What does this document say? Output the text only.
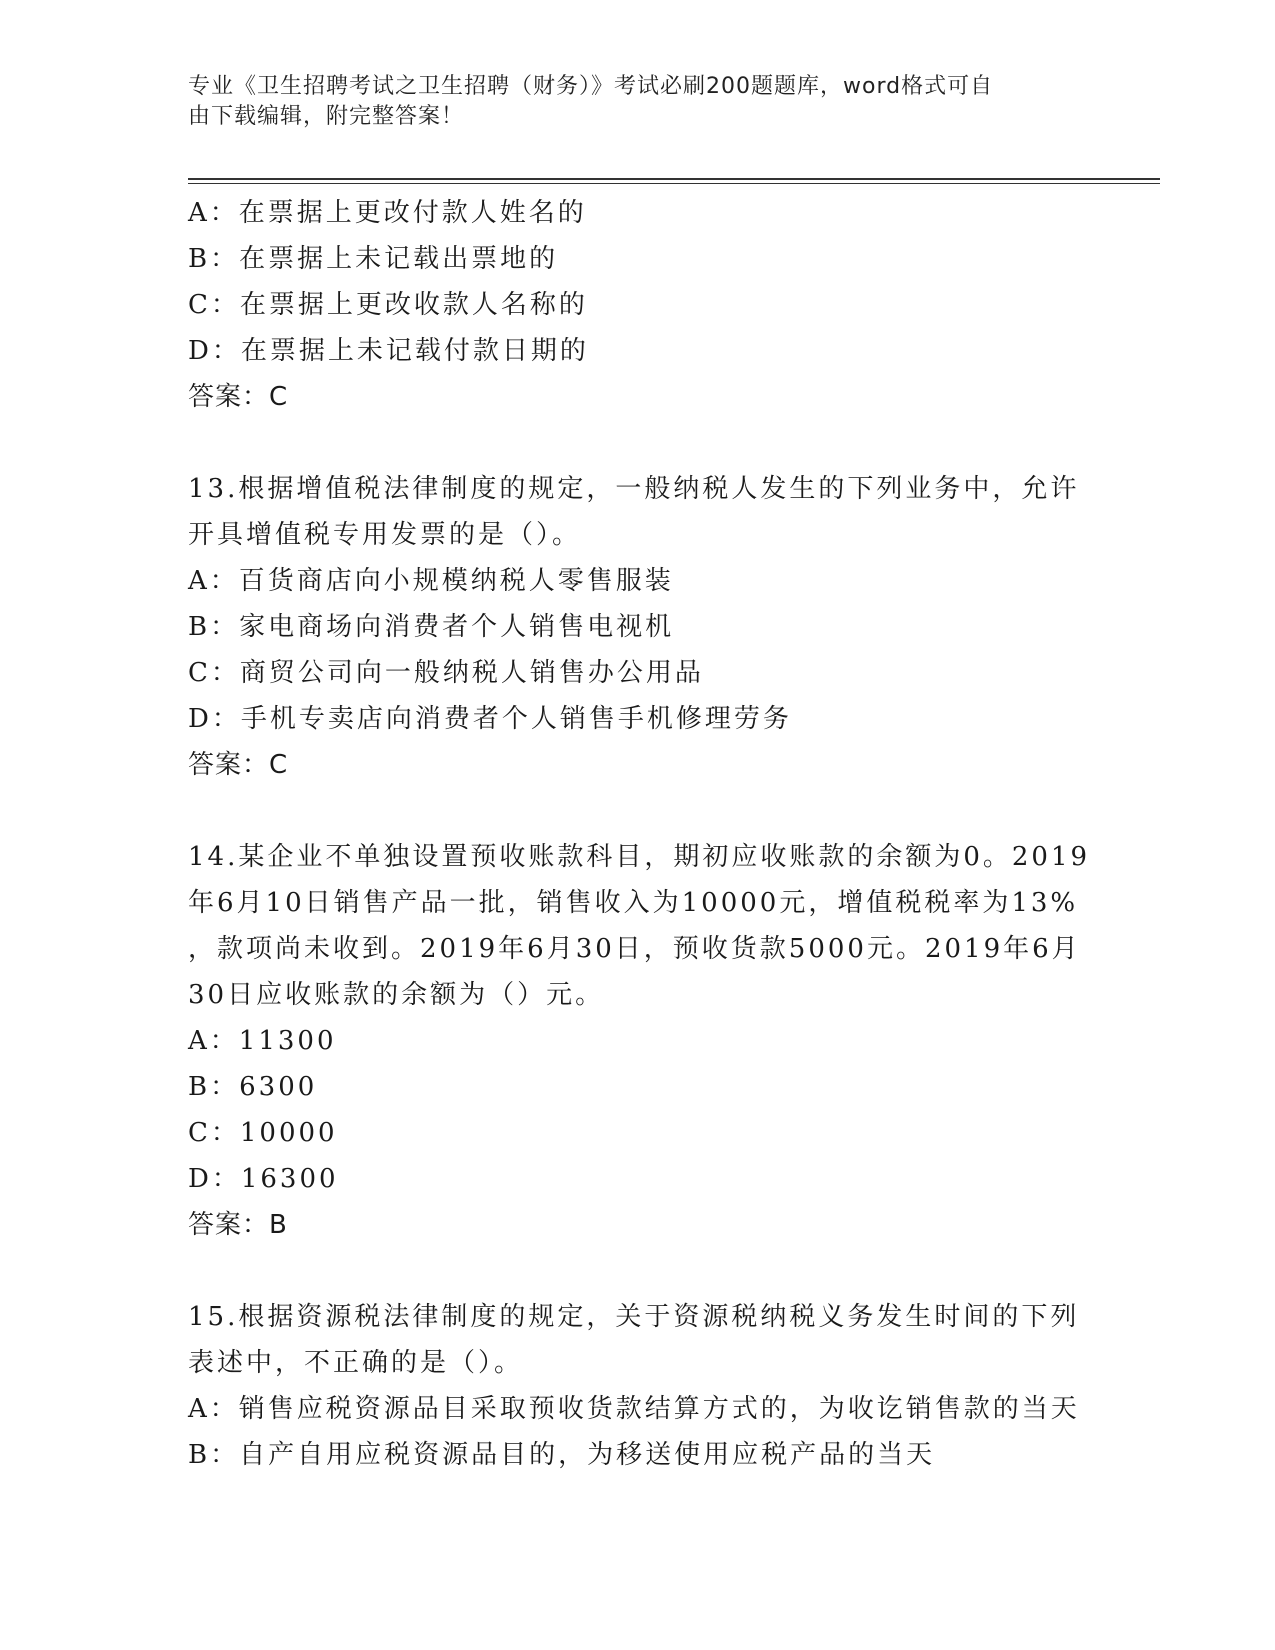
专业《卫生招聘考试之卫生招聘（财务）》考试必刷200题题库，word格式可自
由下载编辑，附完整答案！
A：在票据上更改付款人姓名的
B：在票据上未记载出票地的
C：在票据上更改收款人名称的
D：在票据上未记载付款日期的
答案：C
13.根据增值税法律制度的规定，一般纳税人发生的下列业务中，允许
开具增值税专用发票的是（）。
A：百货商店向小规模纳税人零售服装
B：家电商场向消费者个人销售电视机
C：商贸公司向一般纳税人销售办公用品
D：手机专卖店向消费者个人销售手机修理劳务
答案：C
14.某企业不单独设置预收账款科目，期初应收账款的余额为0。2019
年6月10日销售产品一批，销售收入为10000元，增值税税率为13%
，款项尚未收到。2019年6月30日，预收货款5000元。2019年6月
30日应收账款的余额为（）元。
A：11300
B：6300
C：10000
D：16300
答案：B
15.根据资源税法律制度的规定，关于资源税纳税义务发生时间的下列
表述中，不正确的是（）。
A：销售应税资源品目采取预收货款结算方式的，为收讫销售款的当天
B：自产自用应税资源品目的，为移送使用应税产品的当天
